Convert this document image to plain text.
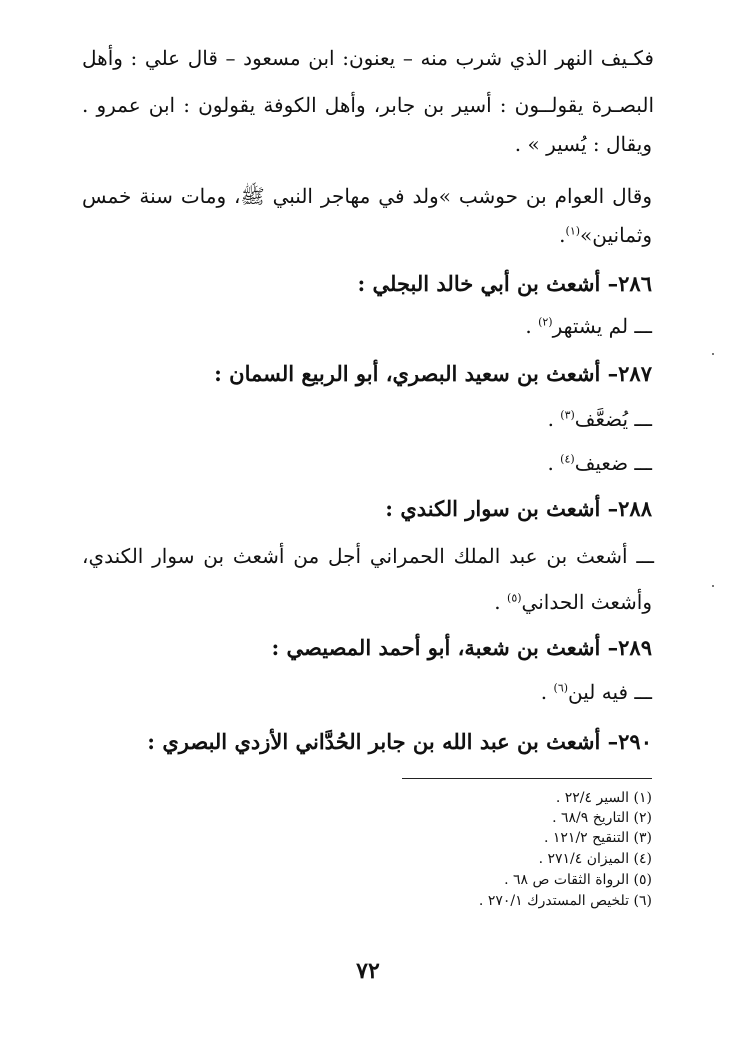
فكـيف النهر الذي شرب منه – يعنون: ابن مسعود – قال علي : وأهل
البصـرة يقولــون : أسير بن جابر، وأهل الكوفة يقولون : ابن عمرو .
ويقال : يُسير » .
وقال العوام بن حوشب »ولد في مهاجر النبي ﷺ، ومات سنة خمس
وثمانين»$^{(١)}$.
٢٨٦– أشعث بن أبي خالد البجلي :
ـــ لم يشتهر$^{(٢)}$ .
٢٨٧– أشعث بن سعيد البصري، أبو الربيع السمان :
ـــ يُضعَّف$^{(٣)}$ .
ـــ ضعيف$^{(٤)}$ .
٢٨٨– أشعث بن سوار الكندي :
ـــ أشعث بن عبد الملك الحمراني أجل من أشعث بن سوار الكندي،
وأشعث الحداني$^{(٥)}$ .
٢٨٩– أشعث بن شعبة، أبو أحمد المصيصي :
ـــ فيه لين$^{(٦)}$ .
٢٩٠– أشعث بن عبد الله بن جابر الحُدَّاني الأزدي البصري :
(١) السير ٢٢/٤ .
(٢) التاريخ ٦٨/٩ .
(٣) التنقيح ١٢١/٢ .
(٤) الميزان ٢٧١/٤ .
(٥) الرواة الثقات ص ٦٨ .
(٦) تلخيص المستدرك ٢٧٠/١ .
٧٢
